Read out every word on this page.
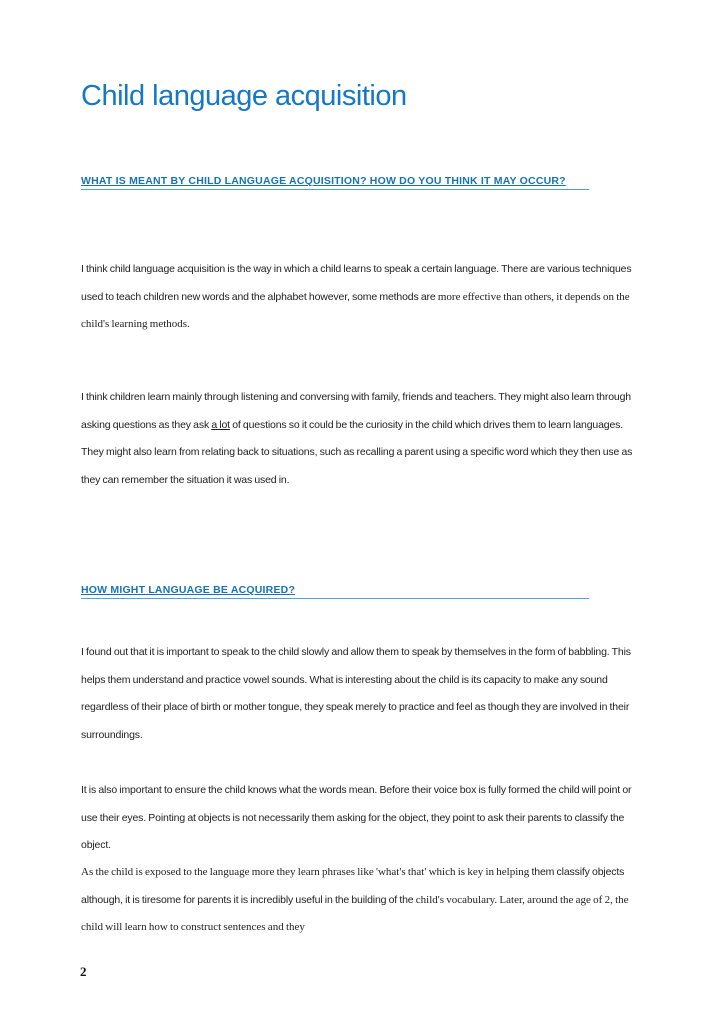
Child language acquisition
WHAT IS MEANT BY CHILD LANGUAGE ACQUISITION? HOW DO YOU THINK IT MAY OCCUR?

I think child language acquisition is the way in which a child learns to speak a certain language. There are various techniques used to teach children new words and the alphabet however, some methods are more effective than others, it depends on the child's learning methods.

I think children learn mainly through listening and conversing with family, friends and teachers. They might also learn through asking questions as they ask a lot of questions so it could be the curiosity in the child which drives them to learn languages. They might also learn from relating back to situations, such as recalling a parent using a specific word which they then use as they can remember the situation it was used in.

HOW MIGHT LANGUAGE BE ACQUIRED?

I found out that it is important to speak to the child slowly and allow them to speak by themselves in the form of babbling. This helps them understand and practice vowel sounds. What is interesting about the child is its capacity to make any sound regardless of their place of birth or mother tongue, they speak merely to practice and feel as though they are involved in their surroundings.

It is also important to ensure the child knows what the words mean. Before their voice box is fully formed the child will point or use their eyes. Pointing at objects is not necessarily them asking for the object, they point to ask their parents to classify the object.

As the child is exposed to the language more they learn phrases like 'what's that' which is key in helping them classify objects although, it is tiresome for parents it is incredibly useful in the building of the child's vocabulary. Later, around the age of 2, the child will learn how to construct sentences and they

2
